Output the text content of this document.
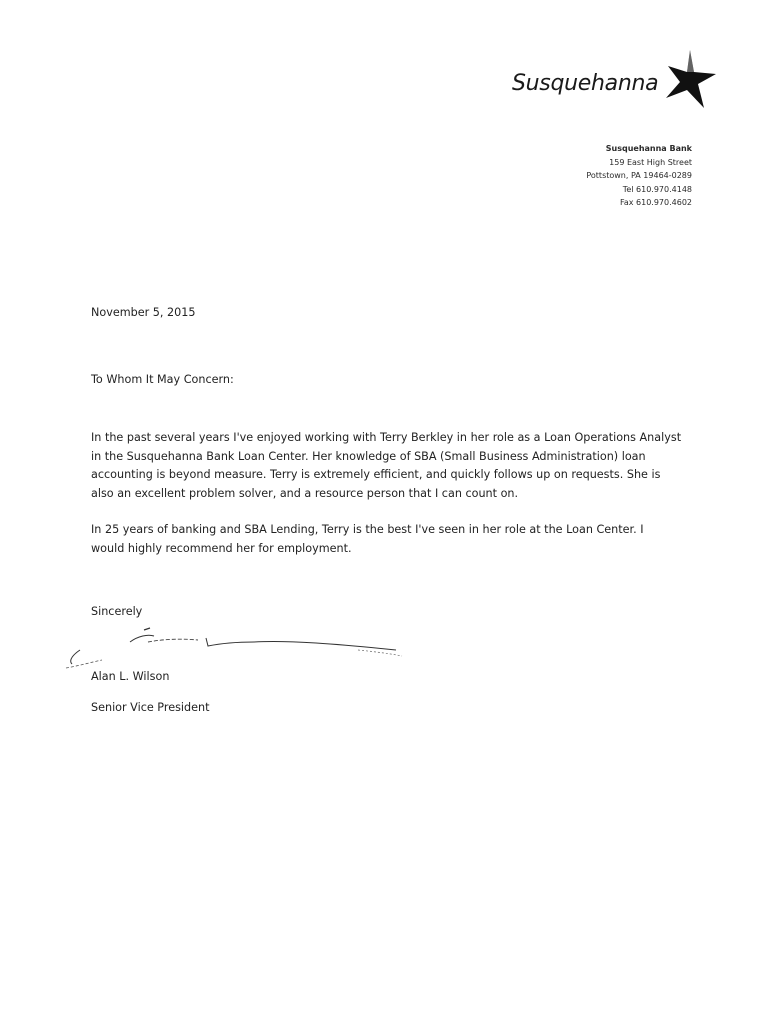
Susquehanna
Susquehanna Bank
159 East High Street
Pottstown, PA 19464-0289
Tel 610.970.4148
Fax 610.970.4602
November 5, 2015
To Whom It May Concern:
In the past several years I've enjoyed working with Terry Berkley in her role as a Loan Operations Analyst
in the Susquehanna Bank Loan Center. Her knowledge of SBA (Small Business Administration) loan
accounting is beyond measure. Terry is extremely efficient, and quickly follows up on requests. She is
also an excellent problem solver, and a resource person that I can count on.
In 25 years of banking and SBA Lending, Terry is the best I've seen in her role at the Loan Center. I
would highly recommend her for employment.
Sincerely
Alan L. Wilson
Senior Vice President
